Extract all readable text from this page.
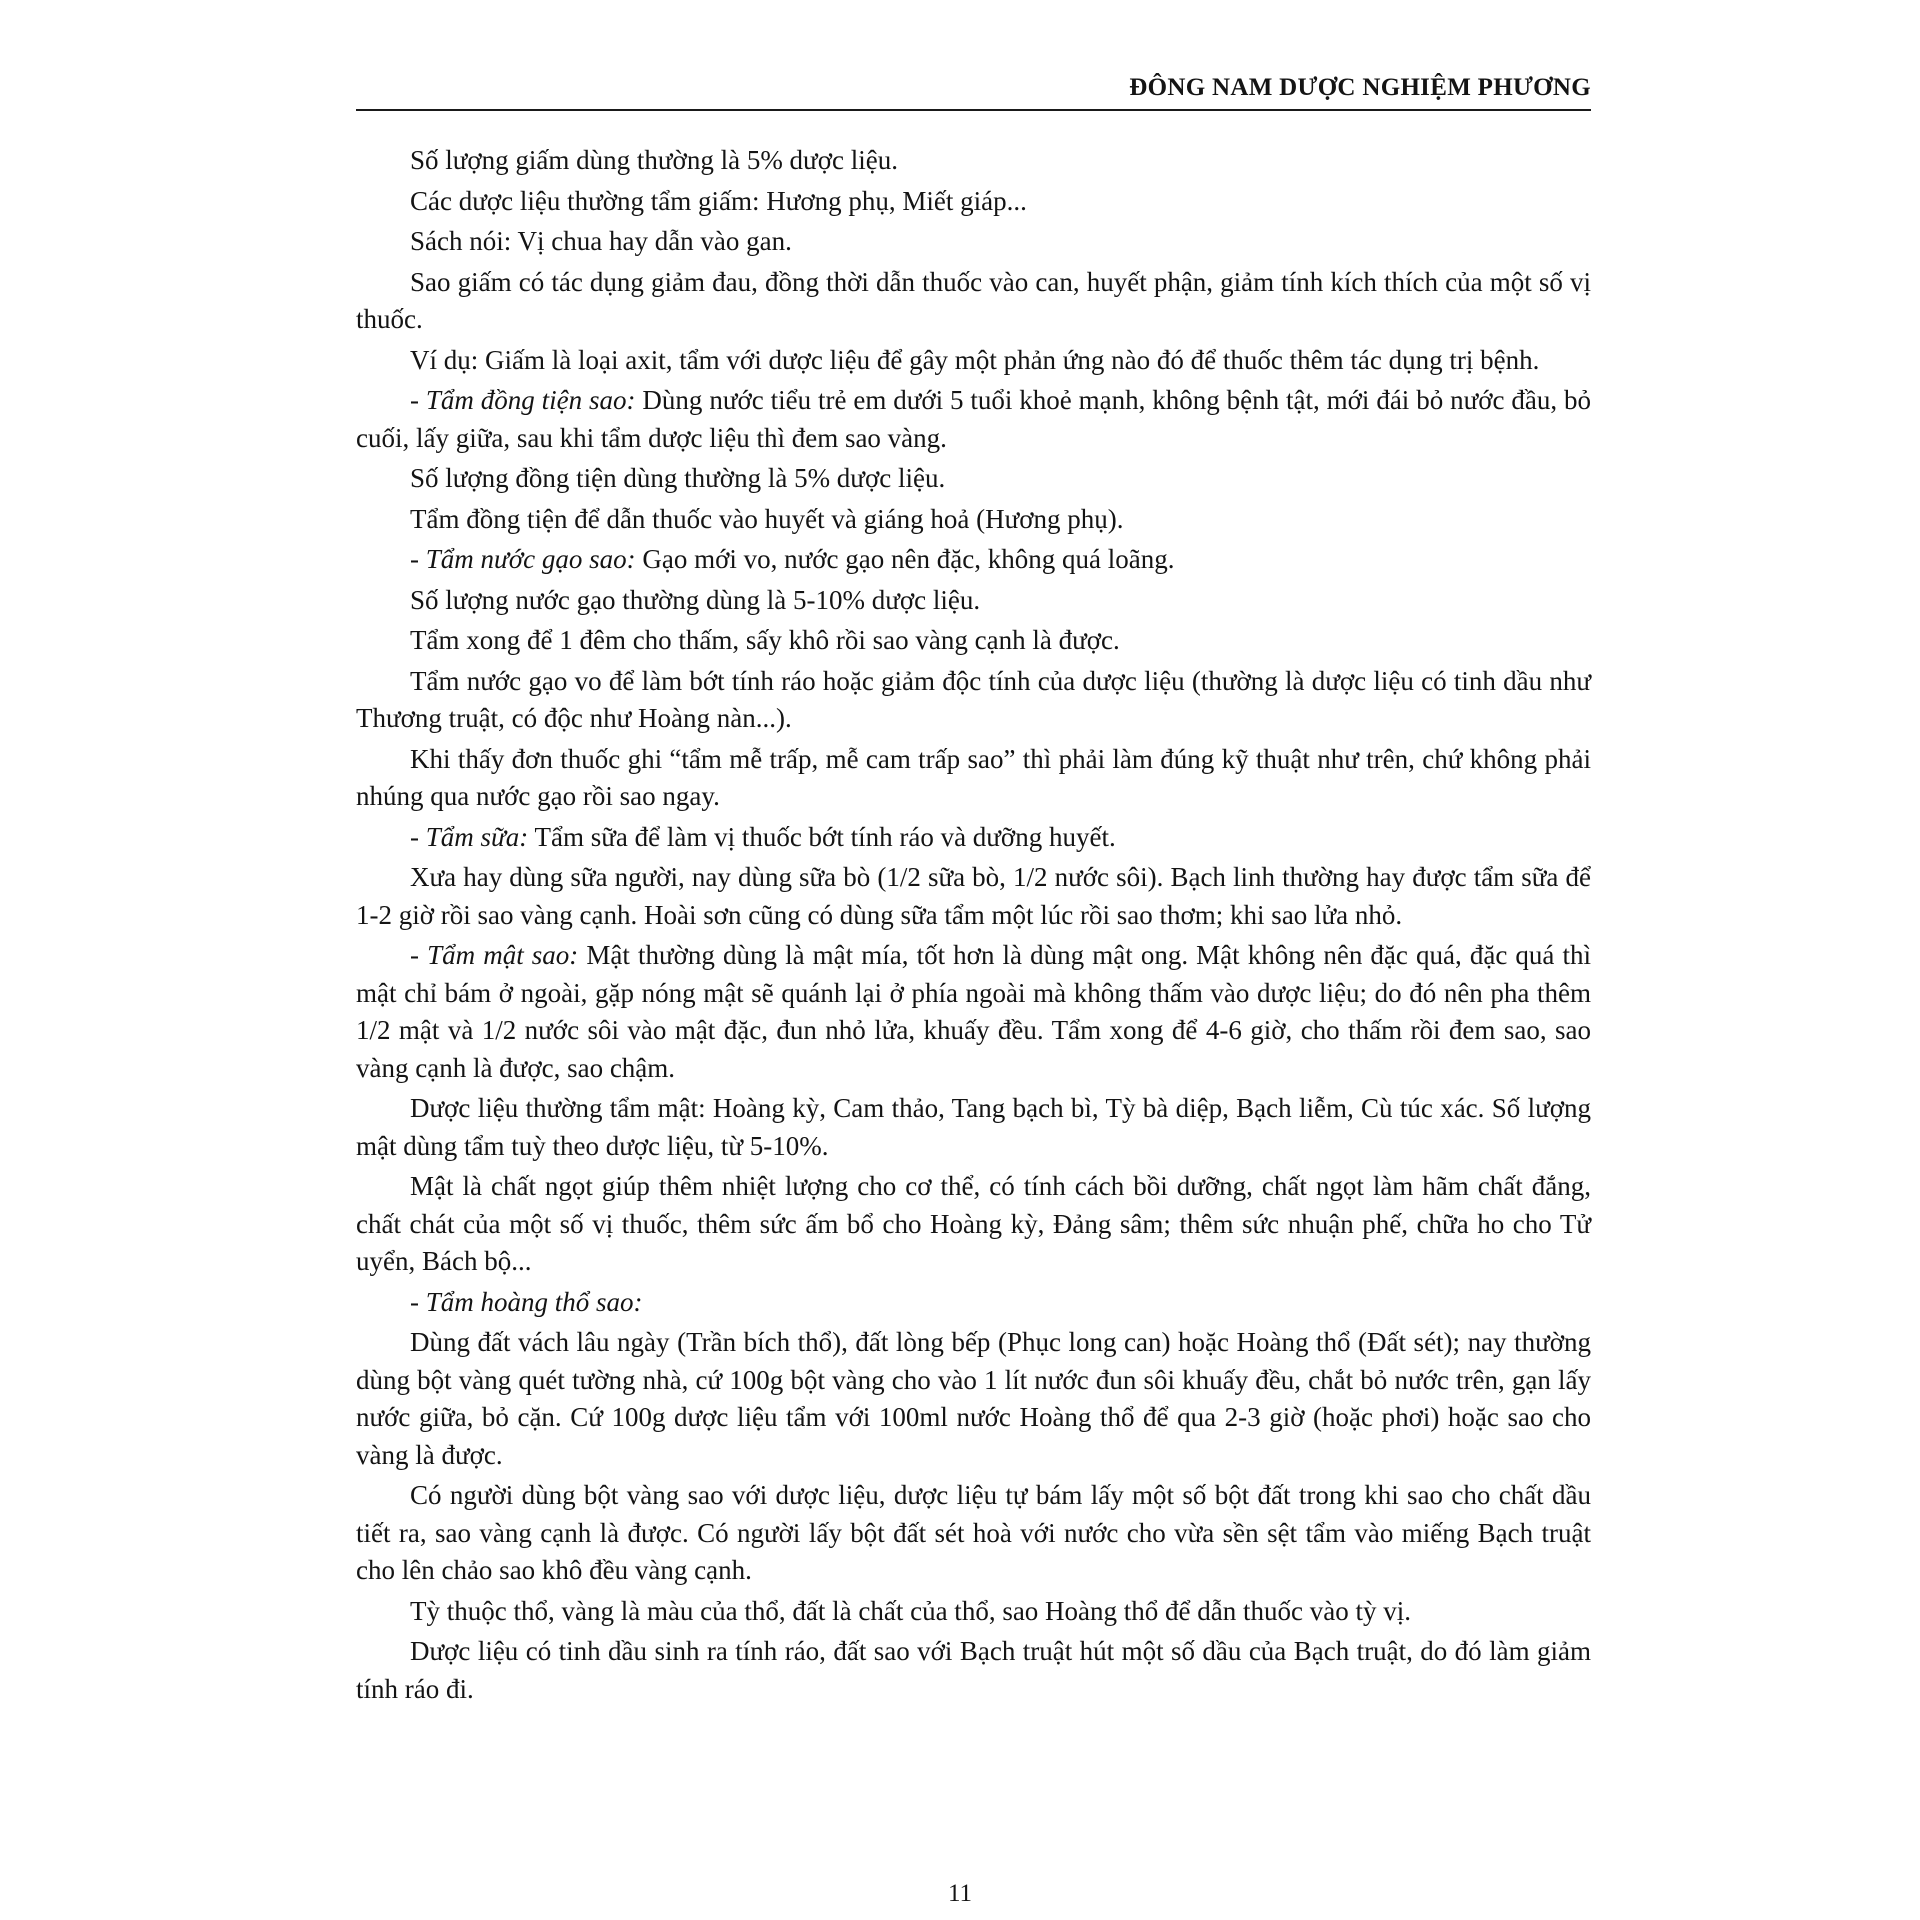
ĐÔNG NAM DƯỢC NGHIỆM PHƯƠNG

Số lượng giấm dùng thường là 5% dược liệu.

Các dược liệu thường tẩm giấm: Hương phụ, Miết giáp...

Sách nói: Vị chua hay dẫn vào gan.

Sao giấm có tác dụng giảm đau, đồng thời dẫn thuốc vào can, huyết phận, giảm tính kích thích của một số vị thuốc.

Ví dụ: Giấm là loại axit, tẩm với dược liệu để gây một phản ứng nào đó để thuốc thêm tác dụng trị bệnh.

- Tẩm đồng tiện sao: Dùng nước tiểu trẻ em dưới 5 tuổi khoẻ mạnh, không bệnh tật, mới đái bỏ nước đầu, bỏ cuối, lấy giữa, sau khi tẩm dược liệu thì đem sao vàng.

Số lượng đồng tiện dùng thường là 5% dược liệu.

Tẩm đồng tiện để dẫn thuốc vào huyết và giáng hoả (Hương phụ).

- Tẩm nước gạo sao: Gạo mới vo, nước gạo nên đặc, không quá loãng.

Số lượng nước gạo thường dùng là 5-10% dược liệu.

Tẩm xong để 1 đêm cho thấm, sấy khô rồi sao vàng cạnh là được.

Tẩm nước gạo vo để làm bớt tính ráo hoặc giảm độc tính của dược liệu (thường là dược liệu có tinh dầu như Thương truật, có độc như Hoàng nàn...).

Khi thấy đơn thuốc ghi “tẩm mễ trấp, mễ cam trấp sao” thì phải làm đúng kỹ thuật như trên, chứ không phải nhúng qua nước gạo rồi sao ngay.

- Tẩm sữa: Tẩm sữa để làm vị thuốc bớt tính ráo và dưỡng huyết.

Xưa hay dùng sữa người, nay dùng sữa bò (1/2 sữa bò, 1/2 nước sôi). Bạch linh thường hay được tẩm sữa để 1-2 giờ rồi sao vàng cạnh. Hoài sơn cũng có dùng sữa tẩm một lúc rồi sao thơm; khi sao lửa nhỏ.

- Tẩm mật sao: Mật thường dùng là mật mía, tốt hơn là dùng mật ong. Mật không nên đặc quá, đặc quá thì mật chỉ bám ở ngoài, gặp nóng mật sẽ quánh lại ở phía ngoài mà không thấm vào dược liệu; do đó nên pha thêm 1/2 mật và 1/2 nước sôi vào mật đặc, đun nhỏ lửa, khuấy đều. Tẩm xong để 4-6 giờ, cho thấm rồi đem sao, sao vàng cạnh là được, sao chậm.

Dược liệu thường tẩm mật: Hoàng kỳ, Cam thảo, Tang bạch bì, Tỳ bà diệp, Bạch liễm, Cù túc xác. Số lượng mật dùng tẩm tuỳ theo dược liệu, từ 5-10%.

Mật là chất ngọt giúp thêm nhiệt lượng cho cơ thể, có tính cách bồi dưỡng, chất ngọt làm hãm chất đắng, chất chát của một số vị thuốc, thêm sức ấm bổ cho Hoàng kỳ, Đảng sâm; thêm sức nhuận phế, chữa ho cho Tử uyển, Bách bộ...

- Tẩm hoàng thổ sao:

Dùng đất vách lâu ngày (Trần bích thổ), đất lòng bếp (Phục long can) hoặc Hoàng thổ (Đất sét); nay thường dùng bột vàng quét tường nhà, cứ 100g bột vàng cho vào 1 lít nước đun sôi khuấy đều, chắt bỏ nước trên, gạn lấy nước giữa, bỏ cặn. Cứ 100g dược liệu tẩm với 100ml nước Hoàng thổ để qua 2-3 giờ (hoặc phơi) hoặc sao cho vàng là được.

Có người dùng bột vàng sao với dược liệu, dược liệu tự bám lấy một số bột đất trong khi sao cho chất dầu tiết ra, sao vàng cạnh là được. Có người lấy bột đất sét hoà với nước cho vừa sền sệt tẩm vào miếng Bạch truật cho lên chảo sao khô đều vàng cạnh.

Tỳ thuộc thổ, vàng là màu của thổ, đất là chất của thổ, sao Hoàng thổ để dẫn thuốc vào tỳ vị.

Dược liệu có tinh dầu sinh ra tính ráo, đất sao với Bạch truật hút một số dầu của Bạch truật, do đó làm giảm tính ráo đi.

11
